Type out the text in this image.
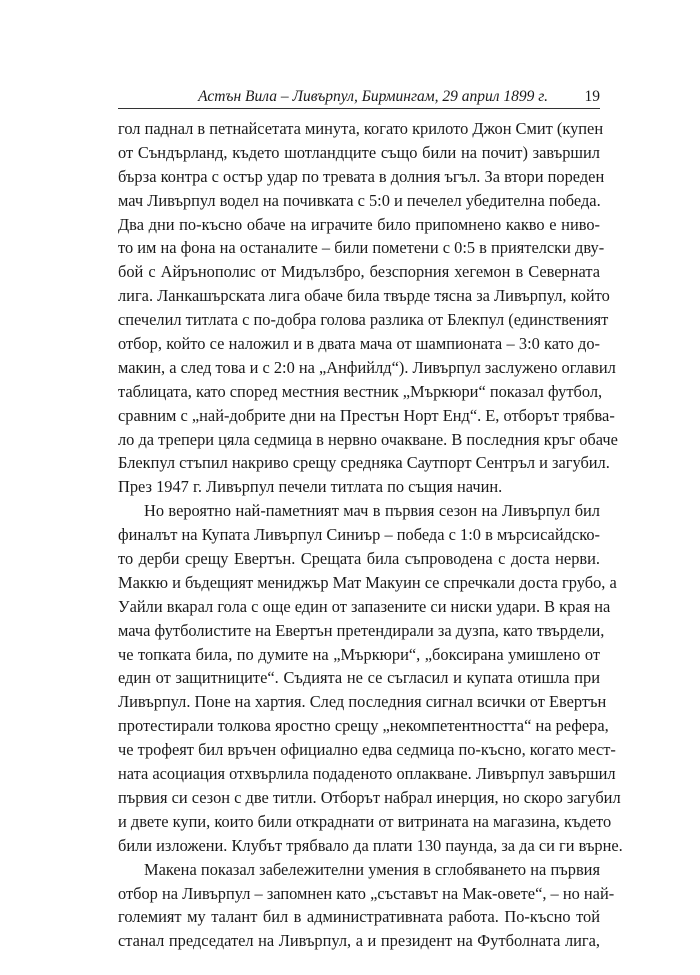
Астън Вила – Ливърпул, Бирмингам, 29 април 1899 г. 19
гол паднал в петнайсетата минута, когато крилото Джон Смит (купен
от Съндърланд, където шотландците също били на почит) завършил
бърза контра с остър удар по тревата в долния ъгъл. За втори пореден
мач Ливърпул водел на почивката с 5:0 и печелел убедителна победа.
Два дни по-късно обаче на играчите било припомнено какво е ниво-
то им на фона на останалите – били пометени с 0:5 в приятелски дву-
бой с Айрънополис от Мидълзбро, безспорния хегемон в Северната
лига. Ланкашърската лига обаче била твърде тясна за Ливърпул, който
спечелил титлата с по-добра голова разлика от Блекпул (единственият
отбор, който се наложил и в двата мача от шампионата – 3:0 като до-
макин, а след това и с 2:0 на „Анфийлд“). Ливърпул заслужено оглавил
таблицата, като според местния вестник „Мъркюри“ показал футбол,
сравним с „най-добрите дни на Престън Норт Енд“. Е, отборът трябва-
ло да трепери цяла седмица в нервно очакване. В последния кръг обаче
Блекпул стъпил накриво срещу средняка Саутпорт Сентръл и загубил.
През 1947 г. Ливърпул печели титлата по същия начин.
Но вероятно най-паметният мач в първия сезон на Ливърпул бил
финалът на Купата Ливърпул Синиър – победа с 1:0 в мърсисайдско-
то дерби срещу Евертън. Срещата била съпроводена с доста нерви.
Маккю и бъдещият мениджър Мат Макуин се спречкали доста грубо, а
Уайли вкарал гола с още един от запазените си ниски удари. В края на
мача футболистите на Евертън претендирали за дузпа, като твърдели,
че топката била, по думите на „Мъркюри“, „боксирана умишлено от
един от защитниците“. Съдията не се съгласил и купата отишла при
Ливърпул. Поне на хартия. След последния сигнал всички от Евертън
протестирали толкова яростно срещу „некомпетентността“ на рефера,
че трофеят бил връчен официално едва седмица по-късно, когато мест-
ната асоциация отхвърлила подаденото оплакване. Ливърпул завършил
първия си сезон с две титли. Отборът набрал инерция, но скоро загубил
и двете купи, които били откраднати от витрината на магазина, където
били изложени. Клубът трябвало да плати 130 паунда, за да си ги върне.
Макена показал забележителни умения в сглобяването на първия
отбор на Ливърпул – запомнен като „съставът на Мак-овете“, – но най-
големият му талант бил в административната работа. По-късно той
станал председател на Ливърпул, а и президент на Футболната лига,
